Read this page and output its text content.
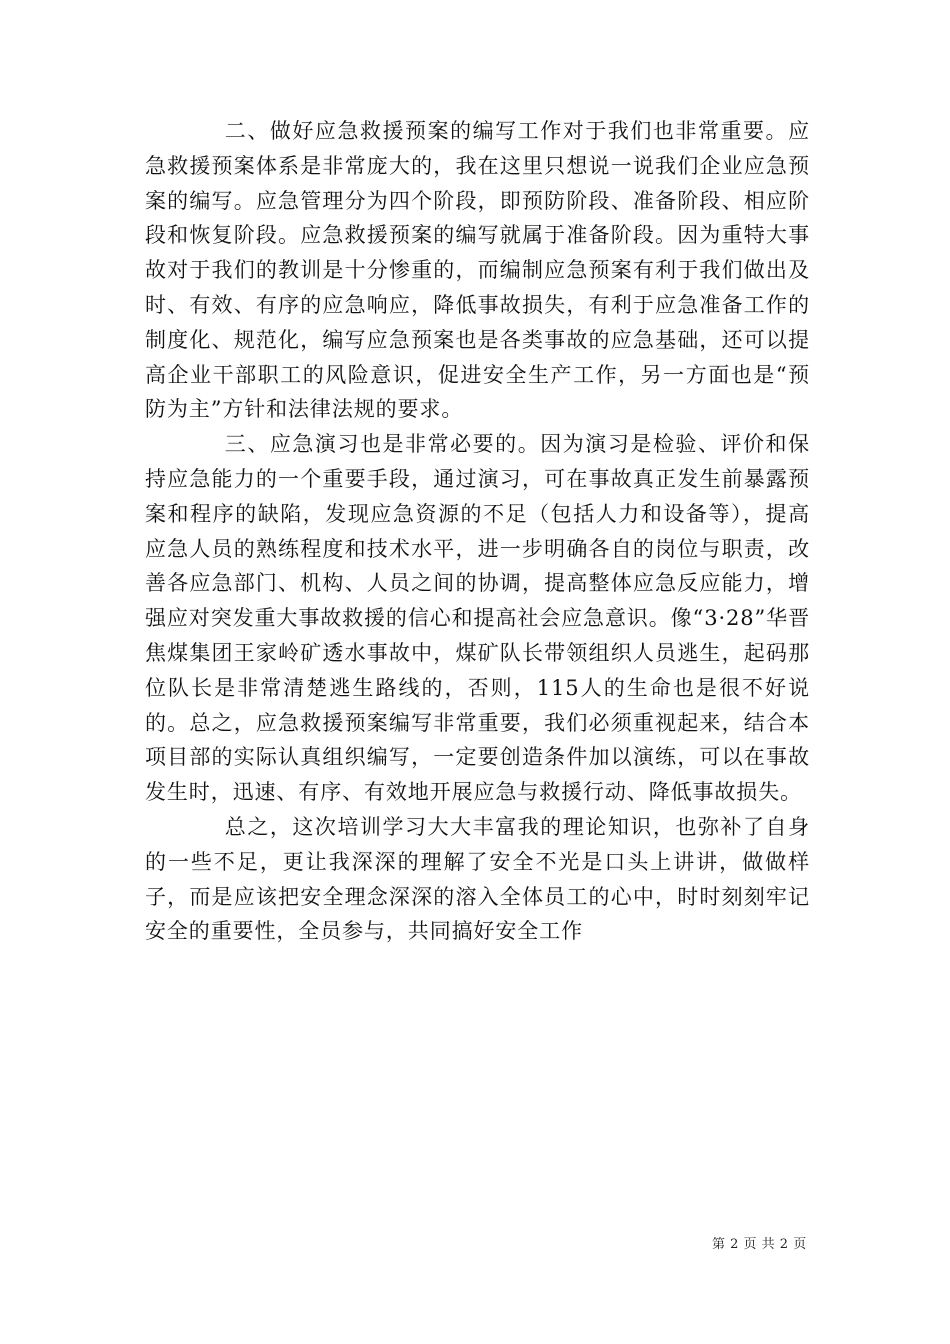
二、做好应急救援预案的编写工作对于我们也非常重要。应急救援预案体系是非常庞大的，我在这里只想说一说我们企业应急预案的编写。应急管理分为四个阶段，即预防阶段、准备阶段、相应阶段和恢复阶段。应急救援预案的编写就属于准备阶段。因为重特大事故对于我们的教训是十分惨重的，而编制应急预案有利于我们做出及时、有效、有序的应急响应，降低事故损失，有利于应急准备工作的制度化、规范化，编写应急预案也是各类事故的应急基础，还可以提高企业干部职工的风险意识，促进安全生产工作，另一方面也是“预防为主”方针和法律法规的要求。

三、应急演习也是非常必要的。因为演习是检验、评价和保持应急能力的一个重要手段，通过演习，可在事故真正发生前暴露预案和程序的缺陷，发现应急资源的不足（包括人力和设备等），提高应急人员的熟练程度和技术水平，进一步明确各自的岗位与职责，改善各应急部门、机构、人员之间的协调，提高整体应急反应能力，增强应对突发重大事故救援的信心和提高社会应急意识。像“3·28”华晋焦煤集团王家岭矿透水事故中，煤矿队长带领组织人员逃生，起码那位队长是非常清楚逃生路线的，否则，115人的生命也是很不好说的。总之，应急救援预案编写非常重要，我们必须重视起来，结合本项目部的实际认真组织编写，一定要创造条件加以演练，可以在事故发生时，迅速、有序、有效地开展应急与救援行动、降低事故损失。

总之，这次培训学习大大丰富我的理论知识，也弥补了自身的一些不足，更让我深深的理解了安全不光是口头上讲讲，做做样子，而是应该把安全理念深深的溶入全体员工的心中，时时刻刻牢记安全的重要性，全员参与，共同搞好安全工作

第 2 页 共 2 页
